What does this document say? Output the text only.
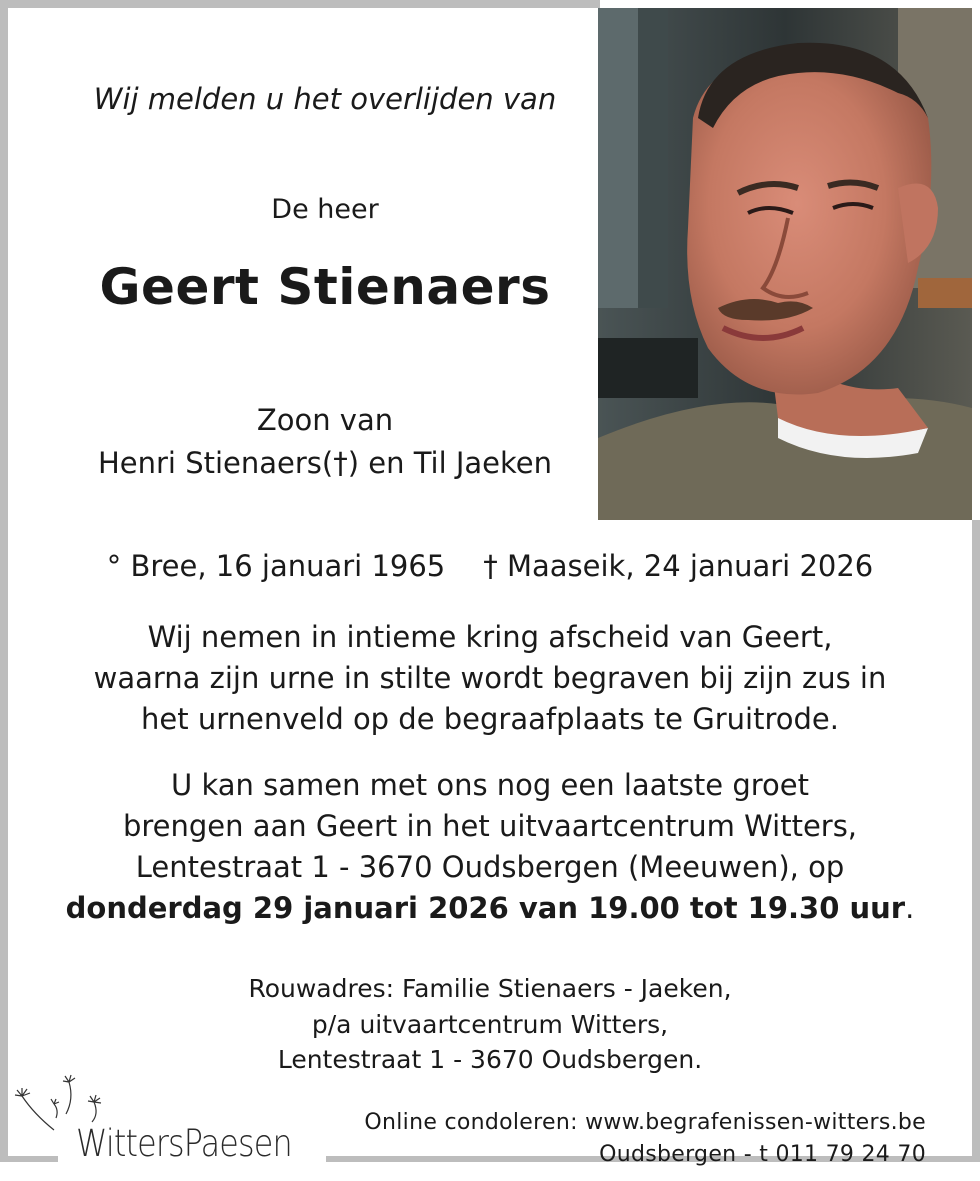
Wij melden u het overlijden van
De heer
Geert Stienaers
Zoon van
Henri Stienaers(†) en Til Jaeken
° Bree, 16 januari 1965 † Maaseik, 24 januari 2026
Wij nemen in intieme kring afscheid van Geert,
waarna zijn urne in stilte wordt begraven bij zijn zus in
het urnenveld op de begraafplaats te Gruitrode.
U kan samen met ons nog een laatste groet
brengen aan Geert in het uitvaartcentrum Witters,
Lentestraat 1 - 3670 Oudsbergen (Meeuwen), op
donderdag 29 januari 2026 van 19.00 tot 19.30 uur.
Rouwadres: Familie Stienaers - Jaeken,
p/a uitvaartcentrum Witters,
Lentestraat 1 - 3670 Oudsbergen.
WittersPaesen	Online condoleren: www.begrafenissen-witters.be
Oudsbergen - t 011 79 24 70
